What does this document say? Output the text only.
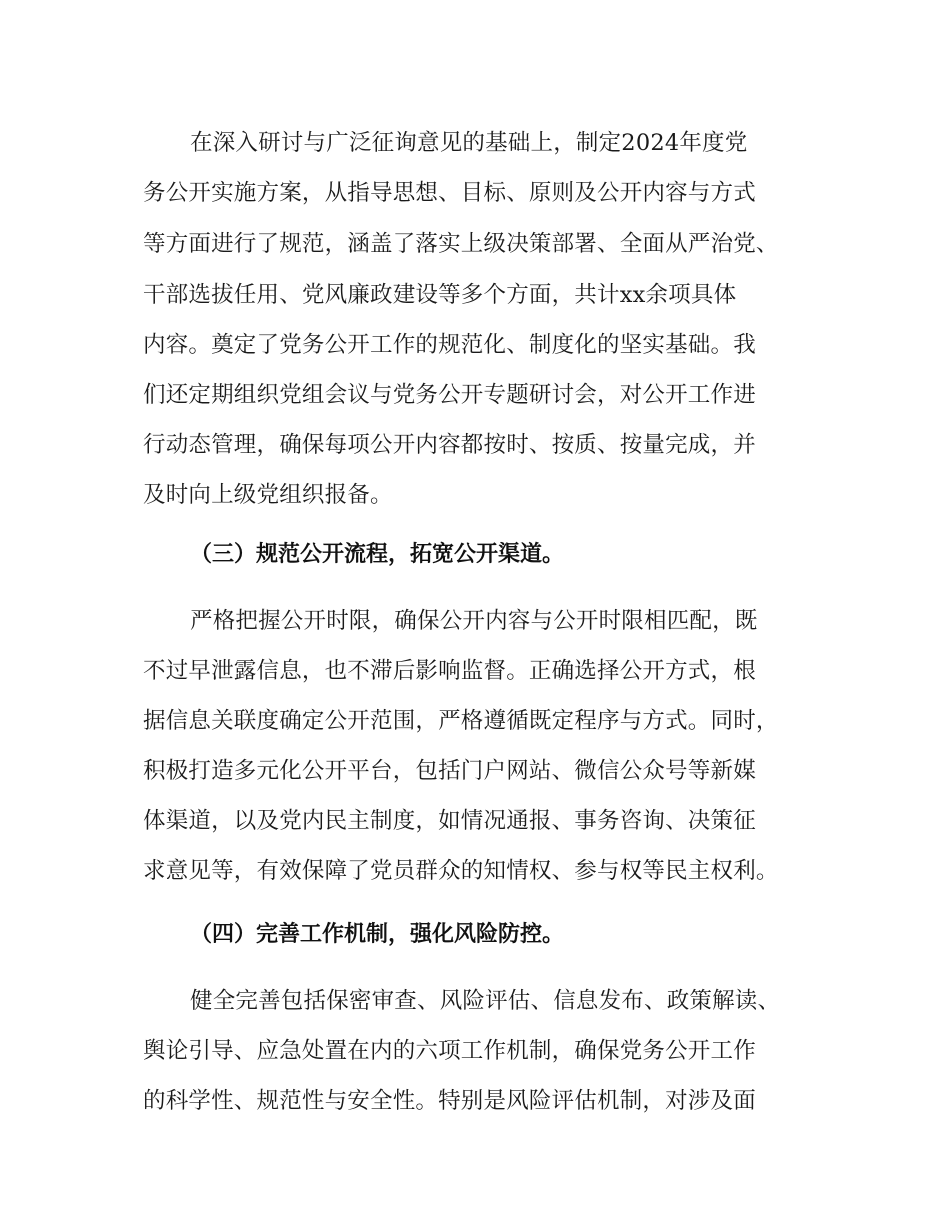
在深入研讨与广泛征询意见的基础上，制定2024年度党

务公开实施方案，从指导思想、目标、原则及公开内容与方式

等方面进行了规范，涵盖了落实上级决策部署、全面从严治党、

干部选拔任用、党风廉政建设等多个方面，共计xx余项具体

内容。奠定了党务公开工作的规范化、制度化的坚实基础。我

们还定期组织党组会议与党务公开专题研讨会，对公开工作进

行动态管理，确保每项公开内容都按时、按质、按量完成，并

及时向上级党组织报备。

（三）规范公开流程，拓宽公开渠道。

严格把握公开时限，确保公开内容与公开时限相匹配，既

不过早泄露信息，也不滞后影响监督。正确选择公开方式，根

据信息关联度确定公开范围，严格遵循既定程序与方式。同时，

积极打造多元化公开平台，包括门户网站、微信公众号等新媒

体渠道，以及党内民主制度，如情况通报、事务咨询、决策征

求意见等，有效保障了党员群众的知情权、参与权等民主权利。

（四）完善工作机制，强化风险防控。

健全完善包括保密审查、风险评估、信息发布、政策解读、

舆论引导、应急处置在内的六项工作机制，确保党务公开工作

的科学性、规范性与安全性。特别是风险评估机制，对涉及面
